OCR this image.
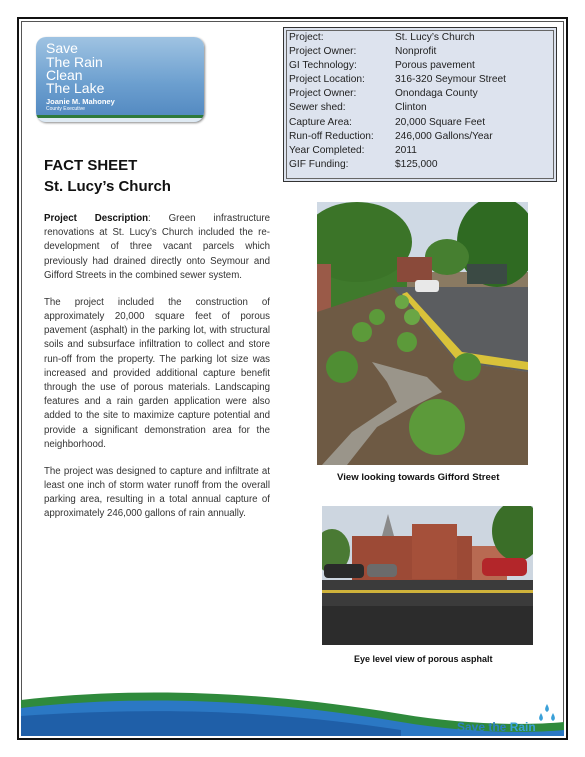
Save
The Rain
Clean
The Lake
Joanie M. Mahoney
County Executive
Project:	St. Lucy’s Church
Project Owner:	Nonprofit
GI Technology:	Porous pavement
Project Location:	316-320 Seymour Street
Project Owner:	Onondaga County
Sewer shed:	Clinton
Capture Area:	20,000 Square Feet
Run-off Reduction:	246,000 Gallons/Year
Year Completed:	2011
GIF Funding:	$125,000
FACT SHEET
St. Lucy’s Church

Project Description: Green infrastructure renovations at St. Lucy’s Church included the re-development of three vacant parcels which previously had drained directly onto Seymour and Gifford Streets in the combined sewer system.

The project included the construction of approximately 20,000 square feet of porous pavement (asphalt) in the parking lot, with structural soils and subsurface infiltration to collect and store run-off from the property. The parking lot size was increased and provided additional capture benefit through the use of porous materials. Landscaping features and a rain garden application were also added to the site to maximize capture potential and provide a significant demonstration area for the neighborhood.

The project was designed to capture and infiltrate at least one inch of storm water runoff from the overall parking area, resulting in a total annual capture of approximately 246,000 gallons of rain annually.

View looking towards Gifford Street
Eye level view of porous asphalt
Save the Rain
